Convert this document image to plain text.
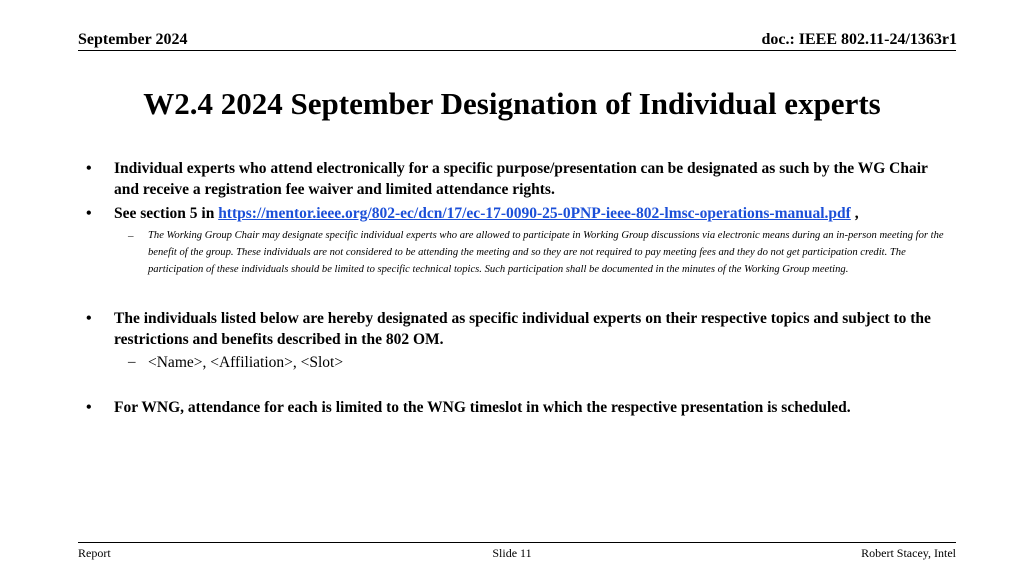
September 2024	doc.: IEEE 802.11-24/1363r1
W2.4 2024 September Designation of Individual experts
• Individual experts who attend electronically for a specific purpose/presentation can be designated as such by the WG Chair and receive a registration fee waiver and limited attendance rights.
• See section 5 in https://mentor.ieee.org/802-ec/dcn/17/ec-17-0090-25-0PNP-ieee-802-lmsc-operations-manual.pdf ,
– The Working Group Chair may designate specific individual experts who are allowed to participate in Working Group discussions via electronic means during an in-person meeting for the benefit of the group. These individuals are not considered to be attending the meeting and so they are not required to pay meeting fees and they do not get participation credit. The participation of these individuals should be limited to specific technical topics. Such participation shall be documented in the minutes of the Working Group meeting.
• The individuals listed below are hereby designated as specific individual experts on their respective topics and subject to the restrictions and benefits described in the 802 OM.
– <Name>, <Affiliation>, <Slot>
• For WNG, attendance for each is limited to the WNG timeslot in which the respective presentation is scheduled.
Report	Slide 11	Robert Stacey, Intel
